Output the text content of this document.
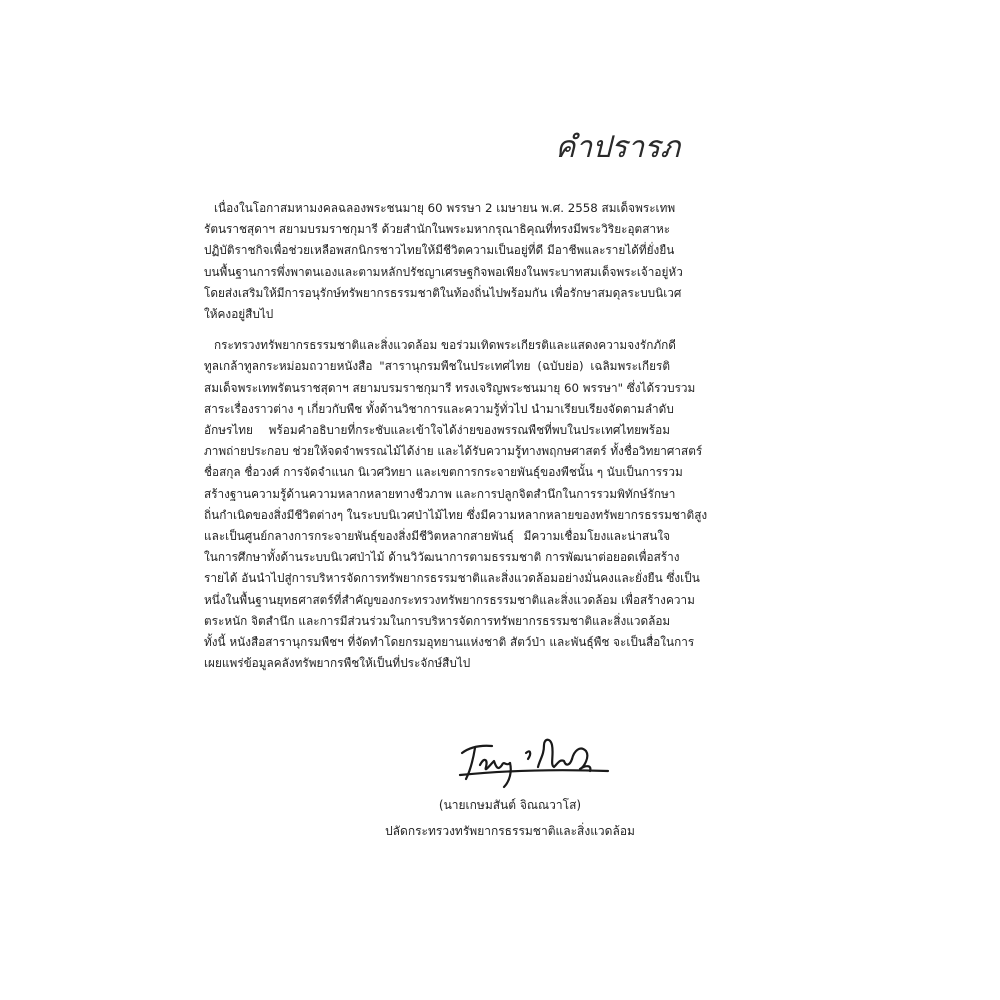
คำปรารภ

เนื่องในโอกาสมหามงคลฉลองพระชนมายุ 60 พรรษา 2 เมษายน พ.ศ. 2558 สมเด็จพระเทพ
รัตนราชสุดาฯ สยามบรมราชกุมารี ด้วยสำนักในพระมหากรุณาธิคุณที่ทรงมีพระวิริยะอุตสาหะ
ปฏิบัติราชกิจเพื่อช่วยเหลือพสกนิกรชาวไทยให้มีชีวิตความเป็นอยู่ที่ดี มีอาชีพและรายได้ที่ยั่งยืน
บนพื้นฐานการพึ่งพาตนเองและตามหลักปรัชญาเศรษฐกิจพอเพียงในพระบาทสมเด็จพระเจ้าอยู่หัว
โดยส่งเสริมให้มีการอนุรักษ์ทรัพยากรธรรมชาติในท้องถิ่นไปพร้อมกัน เพื่อรักษาสมดุลระบบนิเวศ
ให้คงอยู่สืบไป

กระทรวงทรัพยากรธรรมชาติและสิ่งแวดล้อม ขอร่วมเทิดพระเกียรติและแสดงความจงรักภักดี
ทูลเกล้าทูลกระหม่อมถวายหนังสือ "สารานุกรมพืชในประเทศไทย (ฉบับย่อ) เฉลิมพระเกียรติ
สมเด็จพระเทพรัตนราชสุดาฯ สยามบรมราชกุมารี ทรงเจริญพระชนมายุ 60 พรรษา" ซึ่งได้รวบรวม
สาระเรื่องราวต่าง ๆ เกี่ยวกับพืช ทั้งด้านวิชาการและความรู้ทั่วไป นำมาเรียบเรียงจัดตามลำดับ
อักษรไทย พร้อมคำอธิบายที่กระชับและเข้าใจได้ง่ายของพรรณพืชที่พบในประเทศไทยพร้อม
ภาพถ่ายประกอบ ช่วยให้จดจำพรรณไม้ได้ง่าย และได้รับความรู้ทางพฤกษศาสตร์ ทั้งชื่อวิทยาศาสตร์
ชื่อสกุล ชื่อวงศ์ การจัดจำแนก นิเวศวิทยา และเขตการกระจายพันธุ์ของพืชนั้น ๆ นับเป็นการรวม
สร้างฐานความรู้ด้านความหลากหลายทางชีวภาพ และการปลูกจิตสำนึกในการรวมพิทักษ์รักษา
ถิ่นกำเนิดของสิ่งมีชีวิตต่างๆ ในระบบนิเวศป่าไม้ไทย ซึ่งมีความหลากหลายของทรัพยากรธรรมชาติสูง
และเป็นศูนย์กลางการกระจายพันธุ์ของสิ่งมีชีวิตหลากสายพันธุ์ มีความเชื่อมโยงและน่าสนใจ
ในการศึกษาทั้งด้านระบบนิเวศป่าไม้ ด้านวิวัฒนาการตามธรรมชาติ การพัฒนาต่อยอดเพื่อสร้าง
รายได้ อันนำไปสู่การบริหารจัดการทรัพยากรธรรมชาติและสิ่งแวดล้อมอย่างมั่นคงและยั่งยืน ซึ่งเป็น
หนึ่งในพื้นฐานยุทธศาสตร์ที่สำคัญของกระทรวงทรัพยากรธรรมชาติและสิ่งแวดล้อม เพื่อสร้างความ
ตระหนัก จิตสำนึก และการมีส่วนร่วมในการบริหารจัดการทรัพยากรธรรมชาติและสิ่งแวดล้อม
ทั้งนี้ หนังสือสารานุกรมพืชฯ ที่จัดทำโดยกรมอุทยานแห่งชาติ สัตว์ป่า และพันธุ์พืช จะเป็นสื่อในการ
เผยแพร่ข้อมูลคลังทรัพยากรพืชให้เป็นที่ประจักษ์สืบไป

(นายเกษมสันต์ จิณณวาโส)
ปลัดกระทรวงทรัพยากรธรรมชาติและสิ่งแวดล้อม
